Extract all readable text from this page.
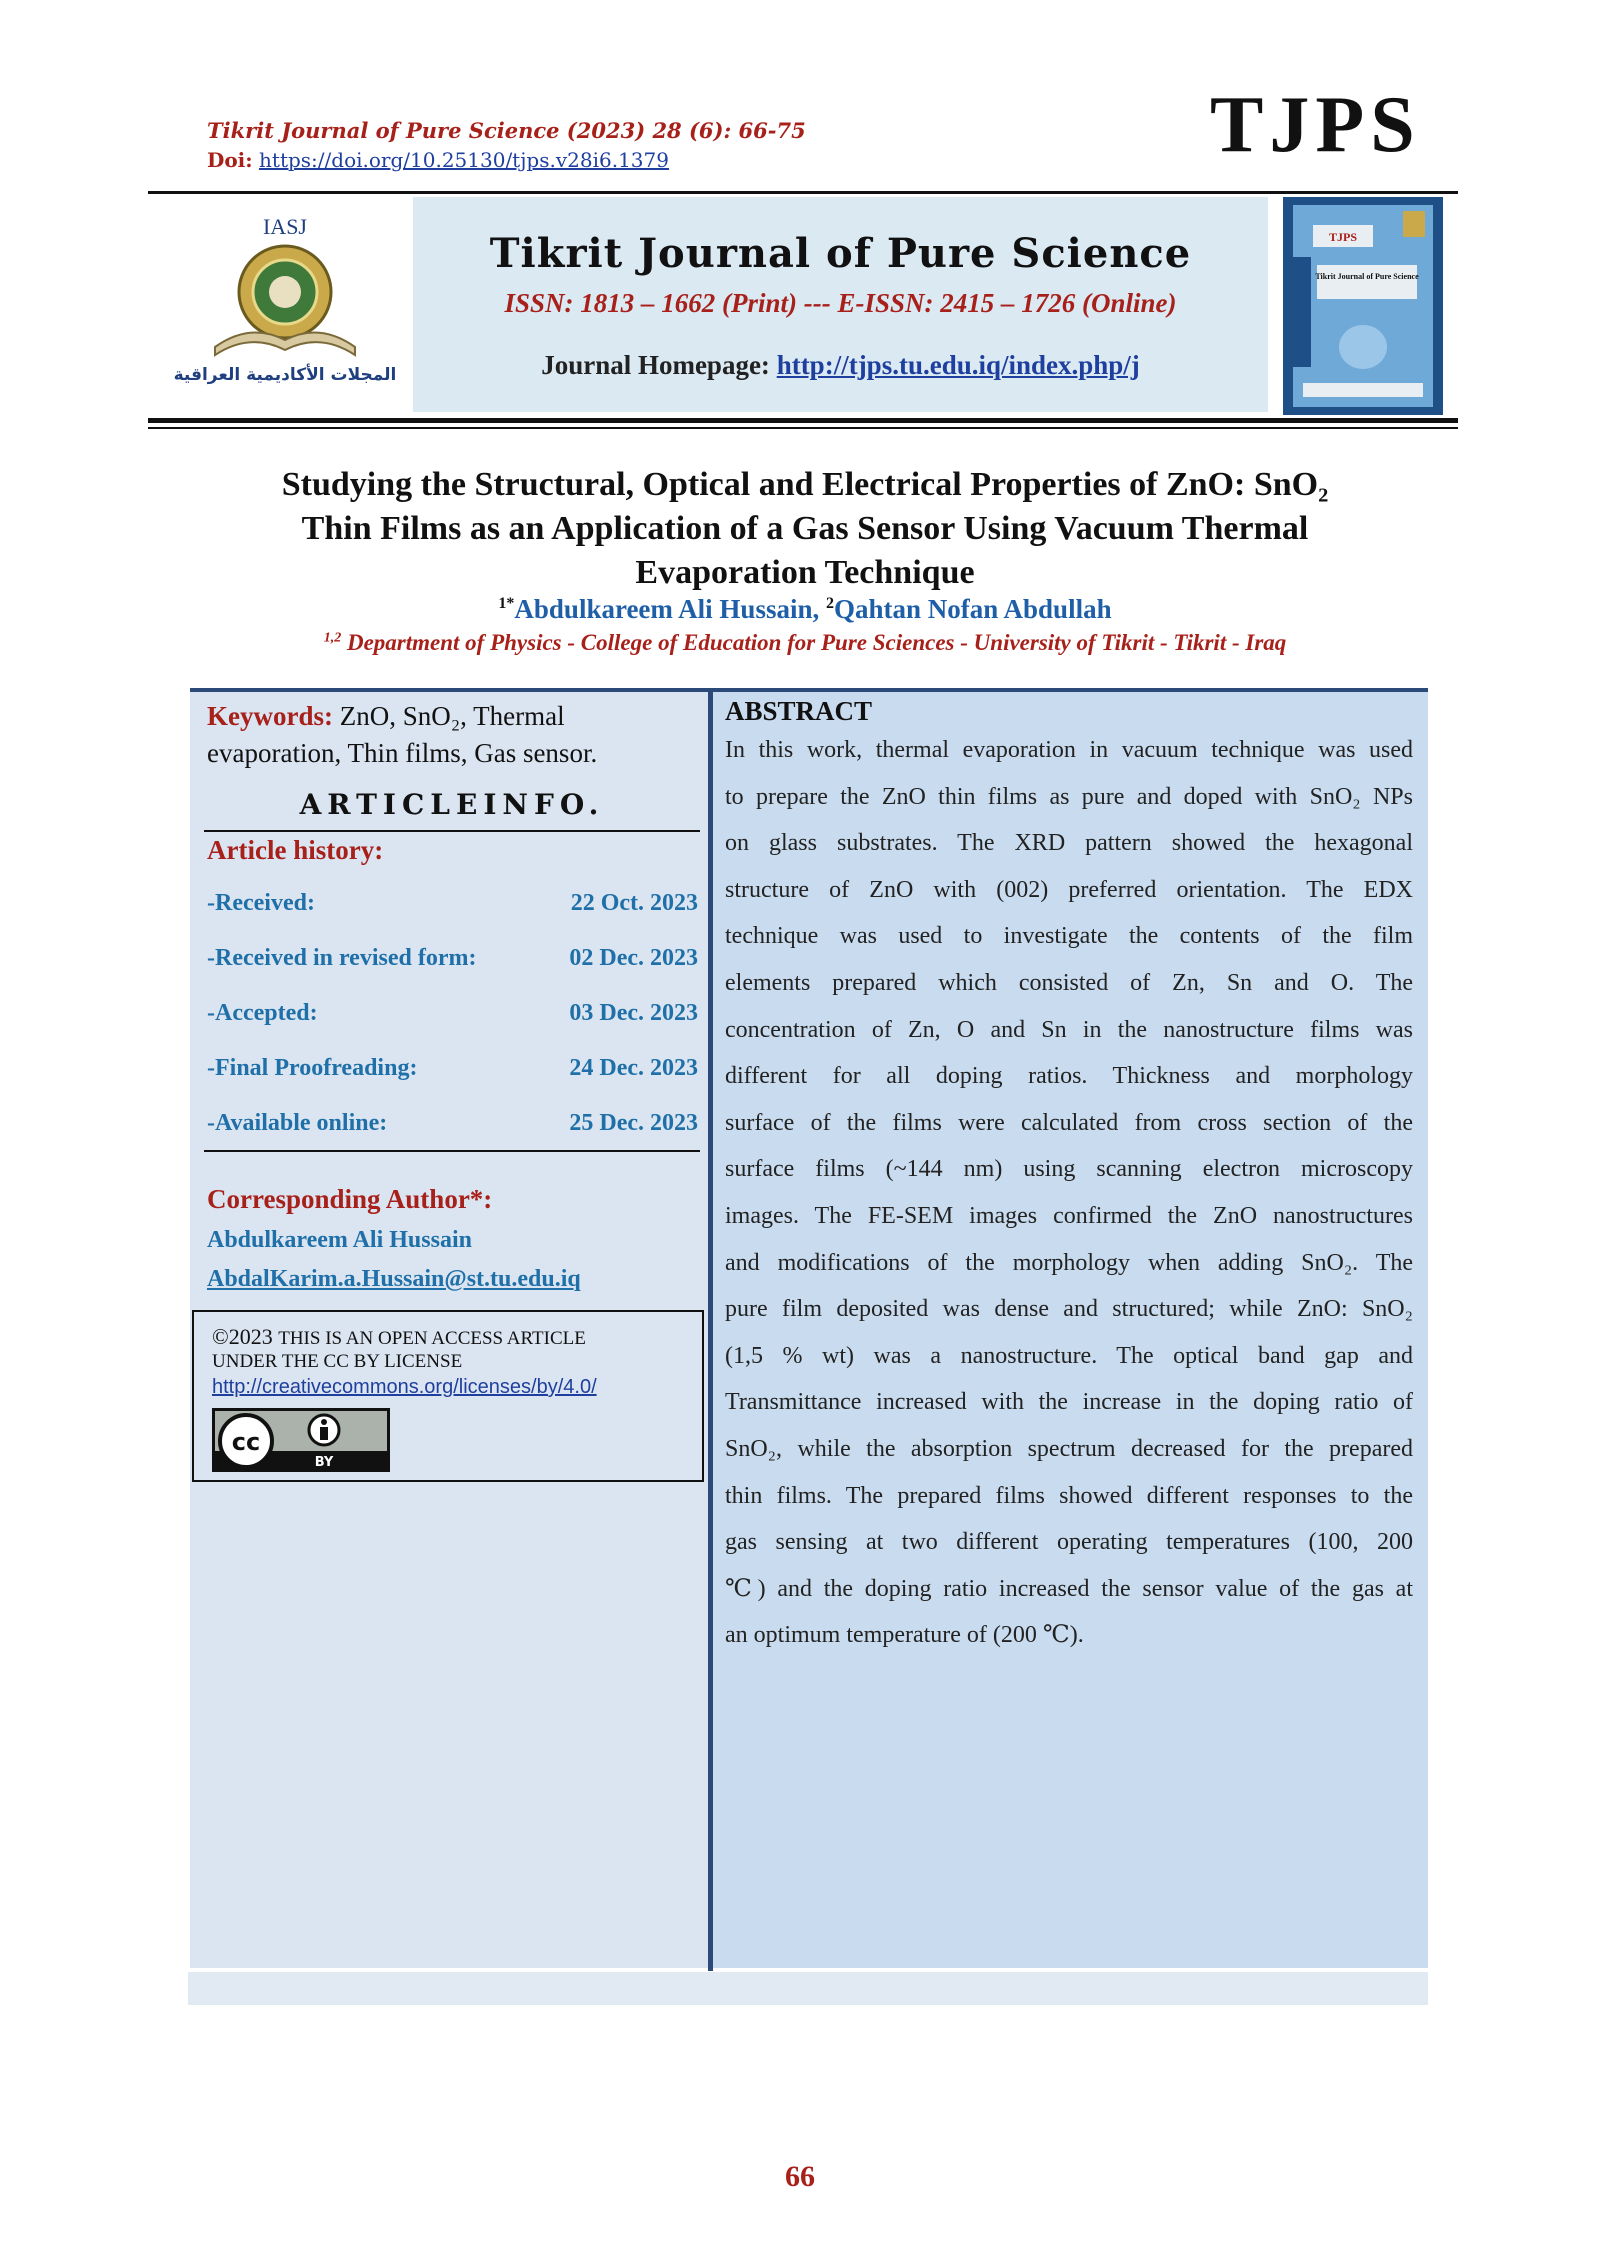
Tikrit Journal of Pure Science (2023) 28 (6): 66-75
Doi: https://doi.org/10.25130/tjps.v28i6.1379	TJPS
IASJ
المجلات الأكاديمية العراقية
Tikrit Journal of Pure Science
ISSN: 1813 – 1662 (Print) --- E-ISSN: 2415 – 1726 (Online)
Journal Homepage: http://tjps.tu.edu.iq/index.php/j
TJPS
Tikrit Journal of Pure Science
Studying the Structural, Optical and Electrical Properties of ZnO: SnO₂
Thin Films as an Application of a Gas Sensor Using Vacuum Thermal
Evaporation Technique
$^{1*}$Abdulkareem Ali Hussain, $^2$Qahtan Nofan Abdullah
$^{1,2}$ Department of Physics - College of Education for Pure Sciences - University of Tikrit - Tikrit - Iraq
Keywords: ZnO, SnO₂, Thermal
evaporation, Thin films, Gas sensor.
ARTICLEINFO.
Article history:
-Received:	22 Oct. 2023
-Received in revised form:	02 Dec. 2023
-Accepted:	03 Dec. 2023
-Final Proofreading:	24 Dec. 2023
-Available online:	25 Dec. 2023
Corresponding Author*:
Abdulkareem Ali Hussain
AbdalKarim.a.Hussain@st.tu.edu.iq
©2023 THIS IS AN OPEN ACCESS ARTICLE
UNDER THE CC BY LICENSE
http://creativecommons.org/licenses/by/4.0/
cc
BY
ABSTRACT
In this work, thermal evaporation in vacuum technique was used
to prepare the ZnO thin films as pure and doped with SnO₂ NPs
on glass substrates. The XRD pattern showed the hexagonal
structure of ZnO with (002) preferred orientation. The EDX
technique was used to investigate the contents of the film
elements prepared which consisted of Zn, Sn and O. The
concentration of Zn, O and Sn in the nanostructure films was
different for all doping ratios. Thickness and morphology
surface of the films were calculated from cross section of the
surface films (~144 nm) using scanning electron microscopy
images. The FE-SEM images confirmed the ZnO nanostructures
and modifications of the morphology when adding SnO₂. The
pure film deposited was dense and structured; while ZnO: SnO₂
(1,5 % wt) was a nanostructure. The optical band gap and
Transmittance increased with the increase in the doping ratio of
SnO₂, while the absorption spectrum decreased for the prepared
thin films. The prepared films showed different responses to the
gas sensing at two different operating temperatures (100, 200
℃) and the doping ratio increased the sensor value of the gas at
an optimum temperature of (200 ℃).
66
